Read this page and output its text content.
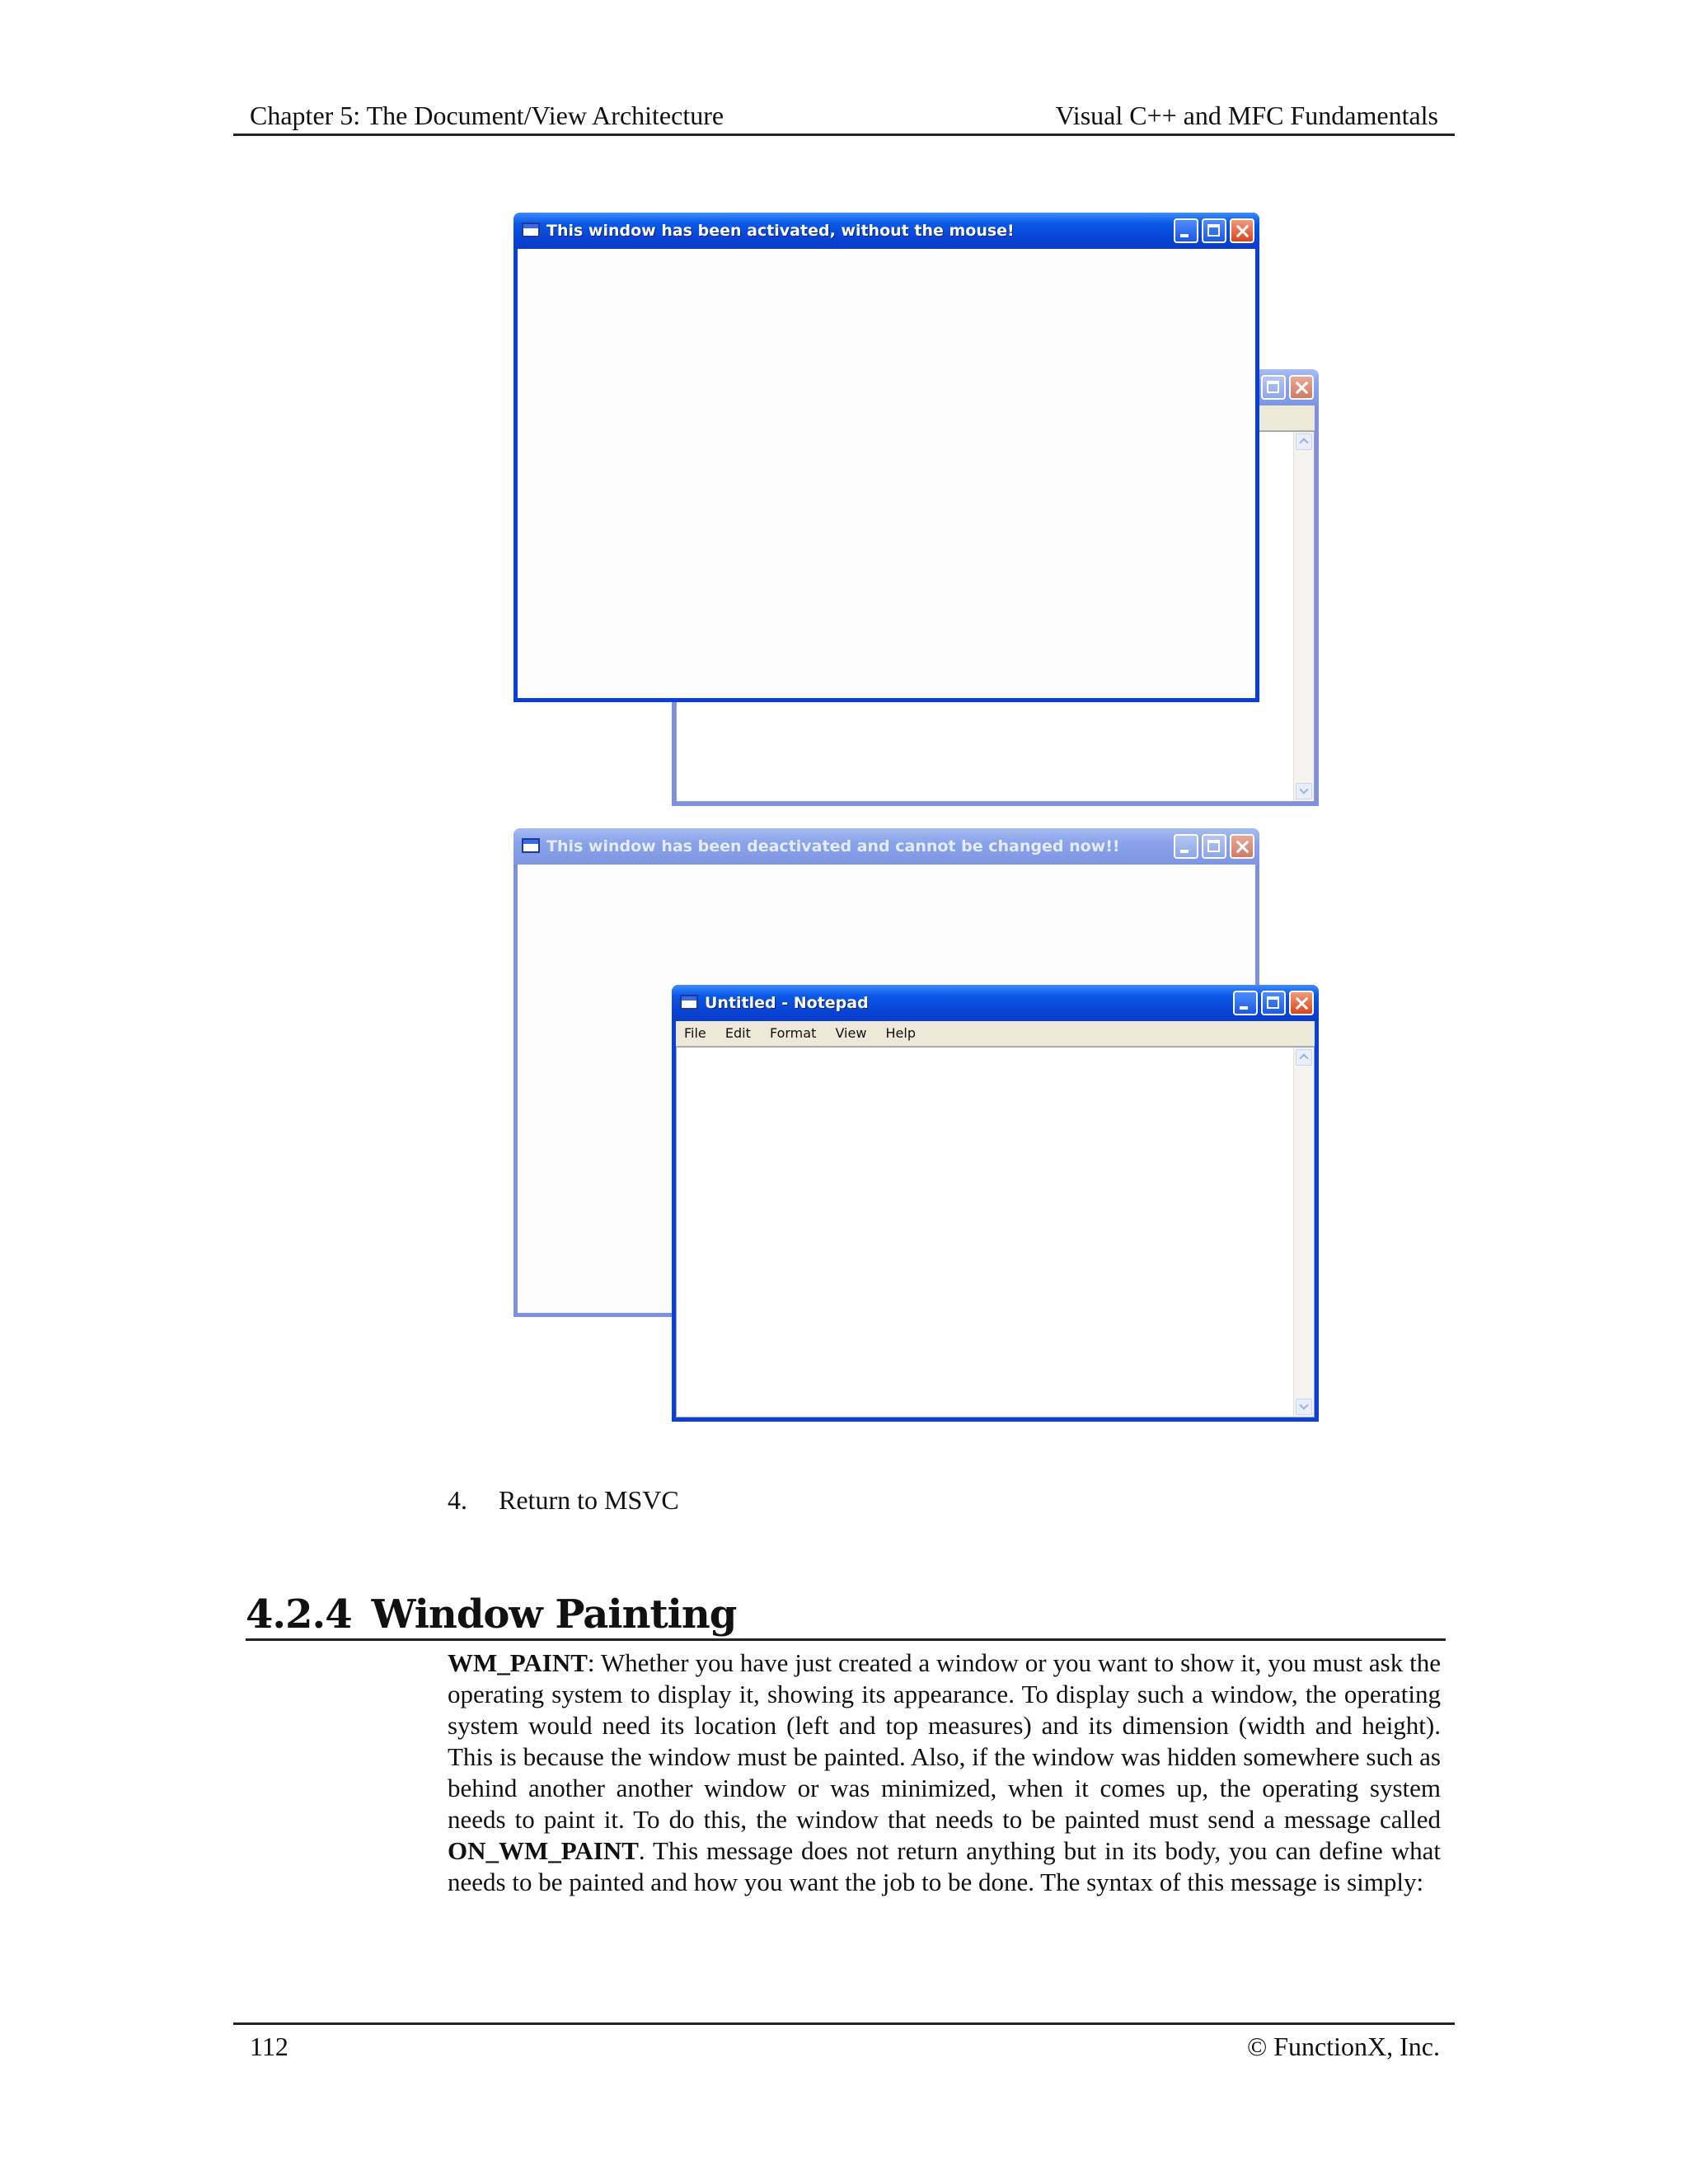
Chapter 5: The Document/View Architecture	Visual C++ and MFC Fundamentals
This window has been activated, without the mouse!
This window has been deactivated and cannot be changed now!!
Untitled - Notepad
File Edit Format View Help
4. Return to MSVC
4.2.4 Window Painting
WM_PAINT: Whether you have just created a window or you want to show it, you must ask the operating system to display it, showing its appearance. To display such a window, the operating system would need its location (left and top measures) and its dimension (width and height). This is because the window must be painted. Also, if the window was hidden somewhere such as behind another another window or was minimized, when it comes up, the operating system needs to paint it. To do this, the window that needs to be painted must send a message called ON_WM_PAINT. This message does not return anything but in its body, you can define what needs to be painted and how you want the job to be done. The syntax of this message is simply:
112	© FunctionX, Inc.
